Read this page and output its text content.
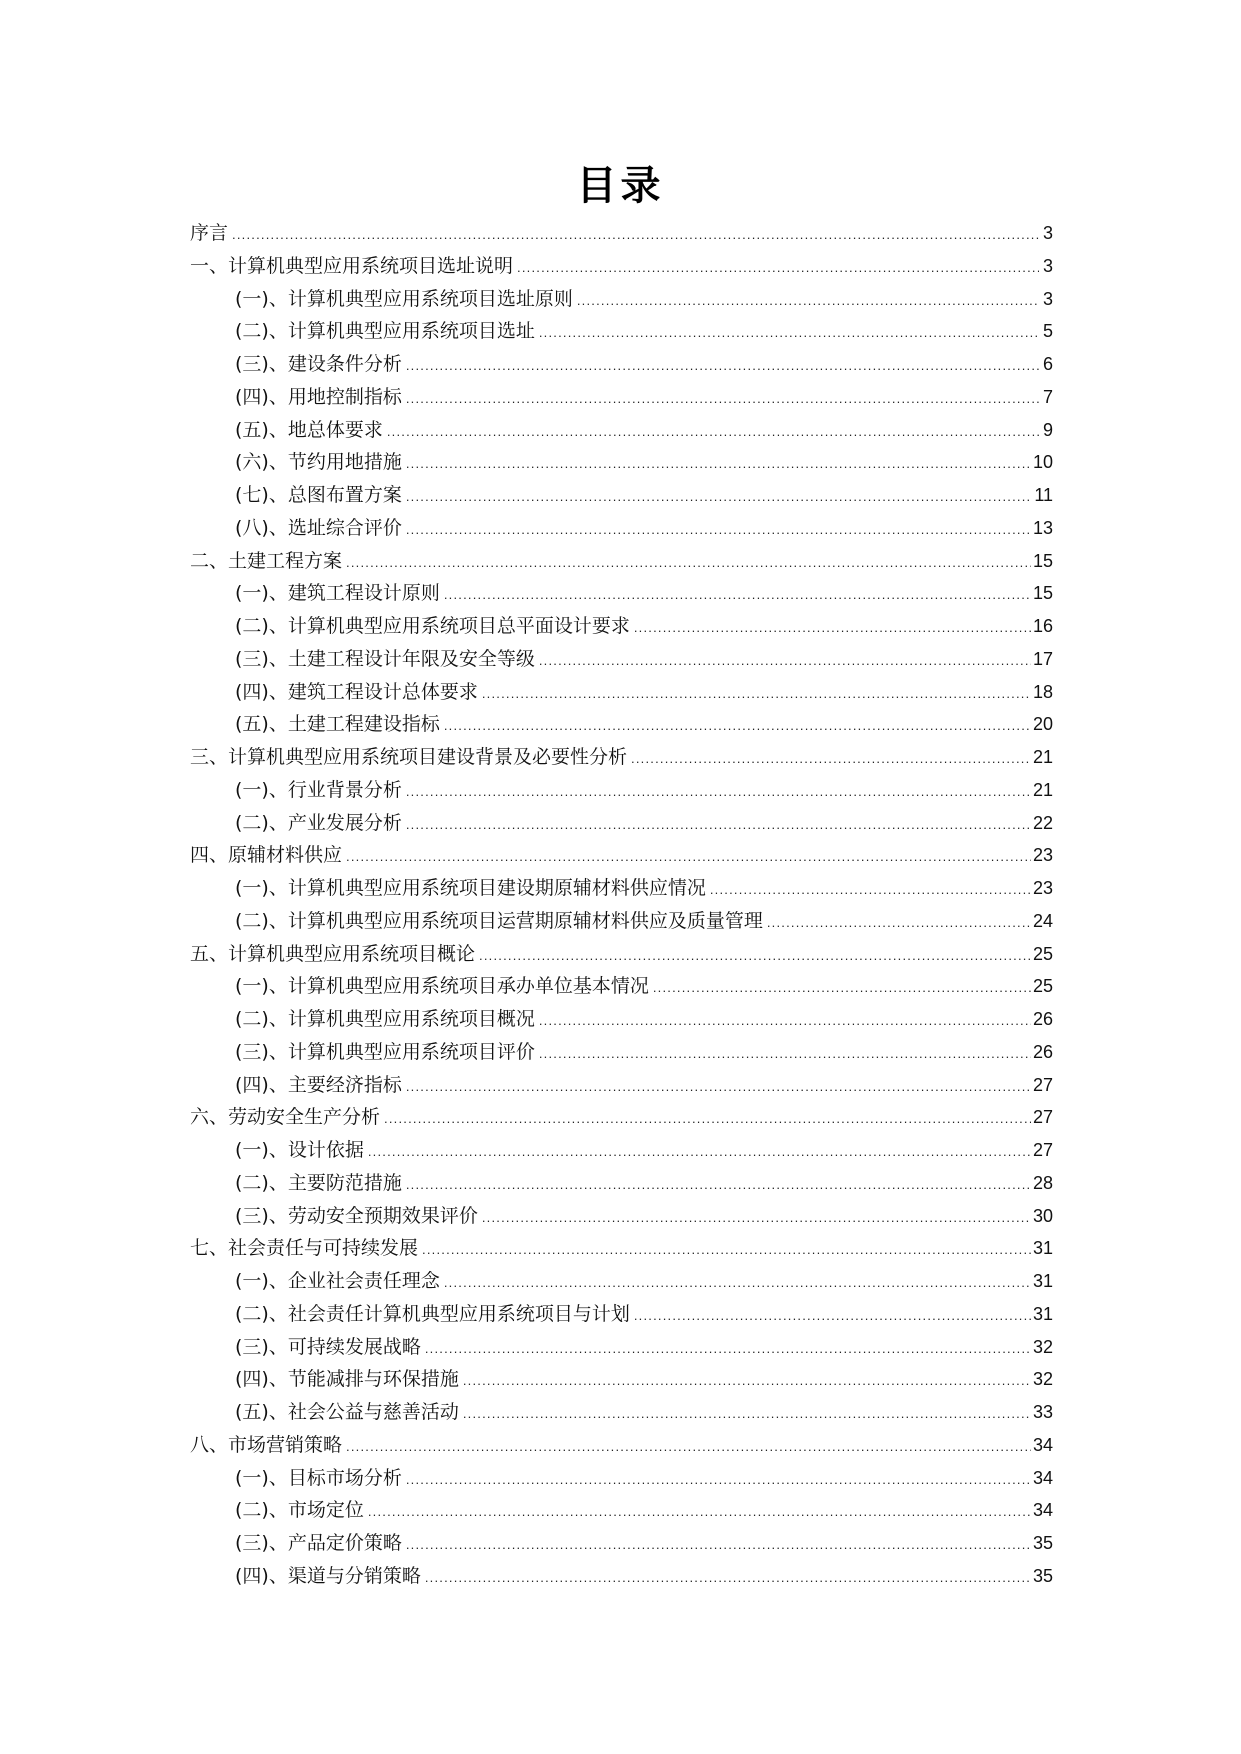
目录
序言 .....	3
一、计算机典型应用系统项目选址说明 .....	3
(一)、计算机典型应用系统项目选址原则 .....	3
(二)、计算机典型应用系统项目选址 .....	5
(三)、建设条件分析 .....	6
(四)、用地控制指标 .....	7
(五)、地总体要求 .....	9
(六)、节约用地措施 .....	10
(七)、总图布置方案 .....	11
(八)、选址综合评价 .....	13
二、土建工程方案 .....	15
(一)、建筑工程设计原则 .....	15
(二)、计算机典型应用系统项目总平面设计要求 .....	16
(三)、土建工程设计年限及安全等级 .....	17
(四)、建筑工程设计总体要求 .....	18
(五)、土建工程建设指标 .....	20
三、计算机典型应用系统项目建设背景及必要性分析 .....	21
(一)、行业背景分析 .....	21
(二)、产业发展分析 .....	22
四、原辅材料供应 .....	23
(一)、计算机典型应用系统项目建设期原辅材料供应情况 .....	23
(二)、计算机典型应用系统项目运营期原辅材料供应及质量管理 .....	24
五、计算机典型应用系统项目概论 .....	25
(一)、计算机典型应用系统项目承办单位基本情况 .....	25
(二)、计算机典型应用系统项目概况 .....	26
(三)、计算机典型应用系统项目评价 .....	26
(四)、主要经济指标 .....	27
六、劳动安全生产分析 .....	27
(一)、设计依据 .....	27
(二)、主要防范措施 .....	28
(三)、劳动安全预期效果评价 .....	30
七、社会责任与可持续发展 .....	31
(一)、企业社会责任理念 .....	31
(二)、社会责任计算机典型应用系统项目与计划 .....	31
(三)、可持续发展战略 .....	32
(四)、节能减排与环保措施 .....	32
(五)、社会公益与慈善活动 .....	33
八、市场营销策略 .....	34
(一)、目标市场分析 .....	34
(二)、市场定位 .....	34
(三)、产品定价策略 .....	35
(四)、渠道与分销策略 .....	35
